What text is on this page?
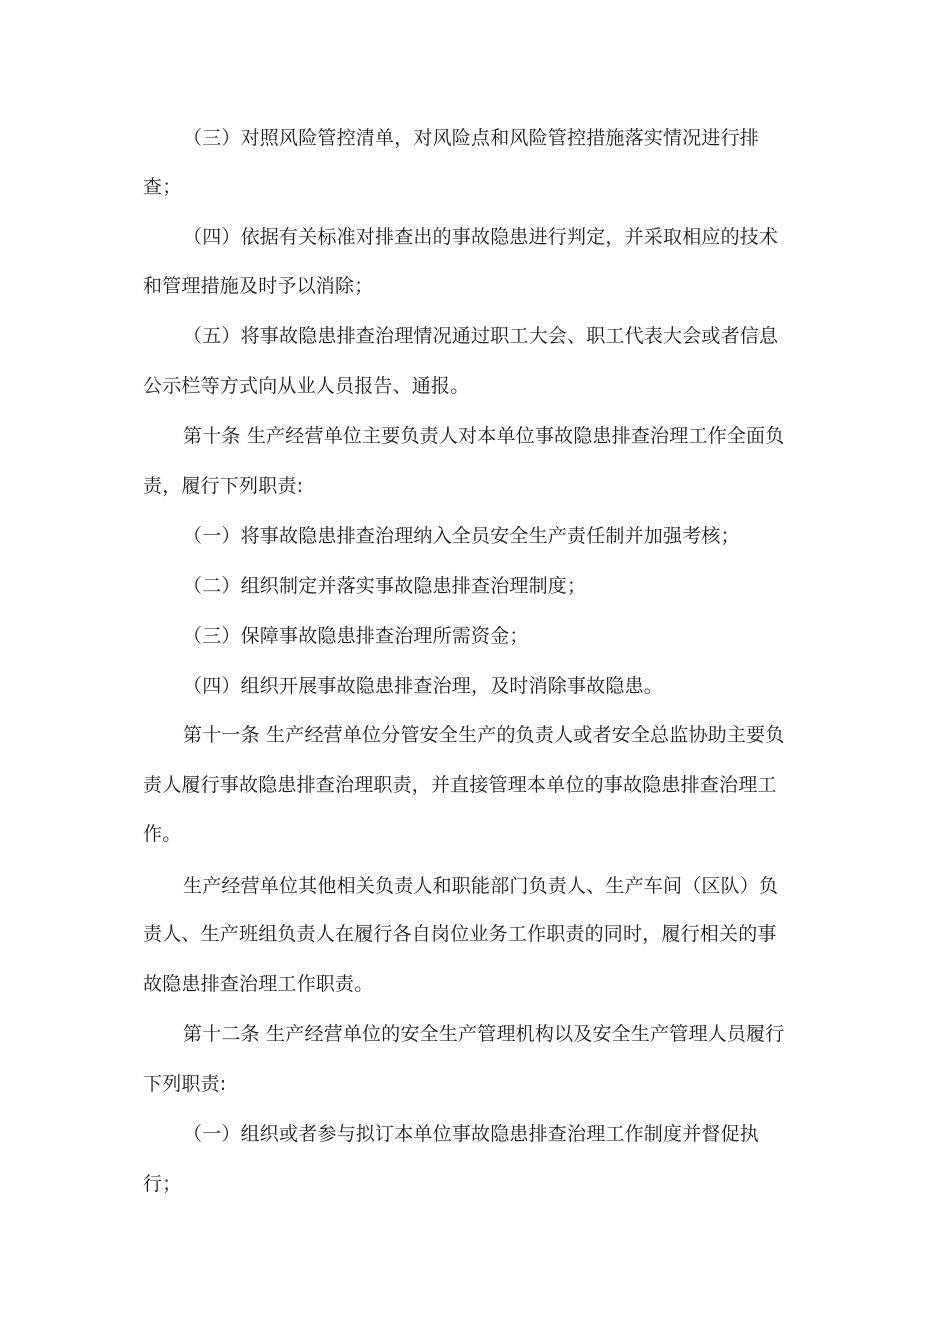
（三）对照风险管控清单，对风险点和风险管控措施落实情况进行排
查；
（四）依据有关标准对排查出的事故隐患进行判定，并采取相应的技术
和管理措施及时予以消除；
（五）将事故隐患排查治理情况通过职工大会、职工代表大会或者信息
公示栏等方式向从业人员报告、通报。
第十条 生产经营单位主要负责人对本单位事故隐患排查治理工作全面负
责，履行下列职责:
（一）将事故隐患排查治理纳入全员安全生产责任制并加强考核；
（二）组织制定并落实事故隐患排查治理制度；
（三）保障事故隐患排查治理所需资金；
（四）组织开展事故隐患排查治理，及时消除事故隐患。
第十一条 生产经营单位分管安全生产的负责人或者安全总监协助主要负
责人履行事故隐患排查治理职责，并直接管理本单位的事故隐患排查治理工
作。
生产经营单位其他相关负责人和职能部门负责人、生产车间（区队）负
责人、生产班组负责人在履行各自岗位业务工作职责的同时，履行相关的事
故隐患排查治理工作职责。
第十二条 生产经营单位的安全生产管理机构以及安全生产管理人员履行
下列职责:
（一）组织或者参与拟订本单位事故隐患排查治理工作制度并督促执
行；
